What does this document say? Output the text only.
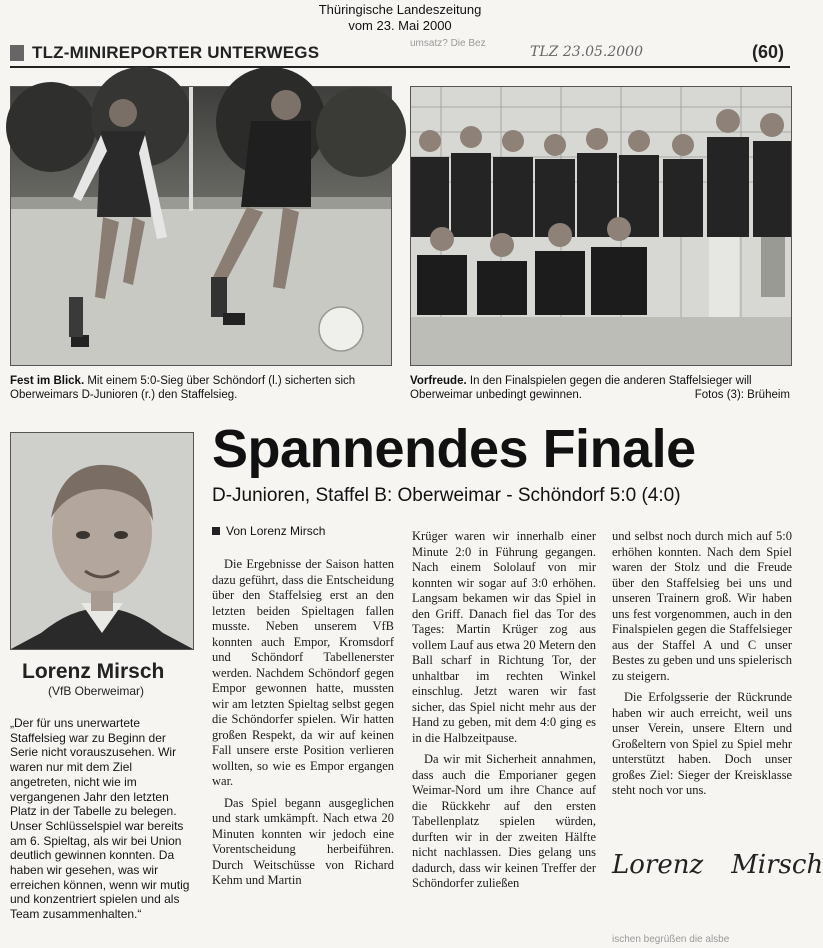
Thüringische Landeszeitung
vom 23. Mai 2000
umsatz? Die Bez
TLZ-MINIREPORTER UNTERWEGS	TLZ 23.05.2000	(60)
Fest im Blick. Mit einem 5:0-Sieg über Schöndorf (l.) sicherten sich Oberweimars D-Junioren (r.) den Staffelsieg.
Vorfreude. In den Finalspielen gegen die anderen Staffelsieger will Oberweimar unbedingt gewinnen.	Fotos (3): Brüheim
Lorenz Mirsch
(VfB Oberweimar)
„Der für uns unerwartete Staffelsieg war zu Beginn der Serie nicht vorauszusehen. Wir waren nur mit dem Ziel angetreten, nicht wie im vergangenen Jahr den letzten Platz in der Tabelle zu belegen. Unser Schlüsselspiel war bereits am 6. Spieltag, als wir bei Union deutlich gewinnen konnten. Da haben wir gesehen, was wir erreichen können, wenn wir mutig und konzentriert spielen und als Team zusammenhalten.“
Spannendes Finale
D-Junioren, Staffel B: Oberweimar - Schöndorf 5:0 (4:0)
Von Lorenz Mirsch

Die Ergebnisse der Saison hatten dazu geführt, dass die Entscheidung über den Staffelsieg erst an den letzten beiden Spieltagen fallen musste. Neben unserem VfB konnten auch Empor, Kromsdorf und Schöndorf Tabellenerster werden. Nachdem Schöndorf gegen Empor gewonnen hatte, mussten wir am letzten Spieltag selbst gegen die Schöndorfer spielen. Wir hatten großen Respekt, da wir auf keinen Fall unsere erste Position verlieren wollten, so wie es Empor ergangen war.

Das Spiel begann ausgeglichen und stark umkämpft. Nach etwa 20 Minuten konnten wir jedoch eine Vorentscheidung herbeiführen. Durch Weitschüsse von Richard Kehm und Martin

Krüger waren wir innerhalb einer Minute 2:0 in Führung gegangen. Nach einem Sololauf von mir konnten wir sogar auf 3:0 erhöhen. Langsam bekamen wir das Spiel in den Griff. Danach fiel das Tor des Tages: Martin Krüger zog aus vollem Lauf aus etwa 20 Metern den Ball scharf in Richtung Tor, der unhaltbar im rechten Winkel einschlug. Jetzt waren wir fast sicher, das Spiel nicht mehr aus der Hand zu geben, mit dem 4:0 ging es in die Halbzeitpause.

Da wir mit Sicherheit annahmen, dass auch die Emporianer gegen Weimar-Nord um ihre Chance auf die Rückkehr auf den ersten Tabellenplatz spielen würden, durften wir in der zweiten Hälfte nicht nachlassen. Dies gelang uns dadurch, dass wir keinen Treffer der Schöndorfer zuließen

und selbst noch durch mich auf 5:0 erhöhen konnten. Nach dem Spiel waren der Stolz und die Freude über den Staffelsieg bei uns und unseren Trainern groß. Wir haben uns fest vorgenommen, auch in den Finalspielen gegen die Staffelsieger aus der Staffel A und C unser Bestes zu geben und uns spielerisch zu steigern.

Die Erfolgsserie der Rückrunde haben wir auch erreicht, weil uns unser Verein, unsere Eltern und Großeltern von Spiel zu Spiel mehr unterstützt haben. Doch unser großes Ziel: Sieger der Kreisklasse steht noch vor uns.

Lorenz Mirsch
ischen begrüßen die alsbe
